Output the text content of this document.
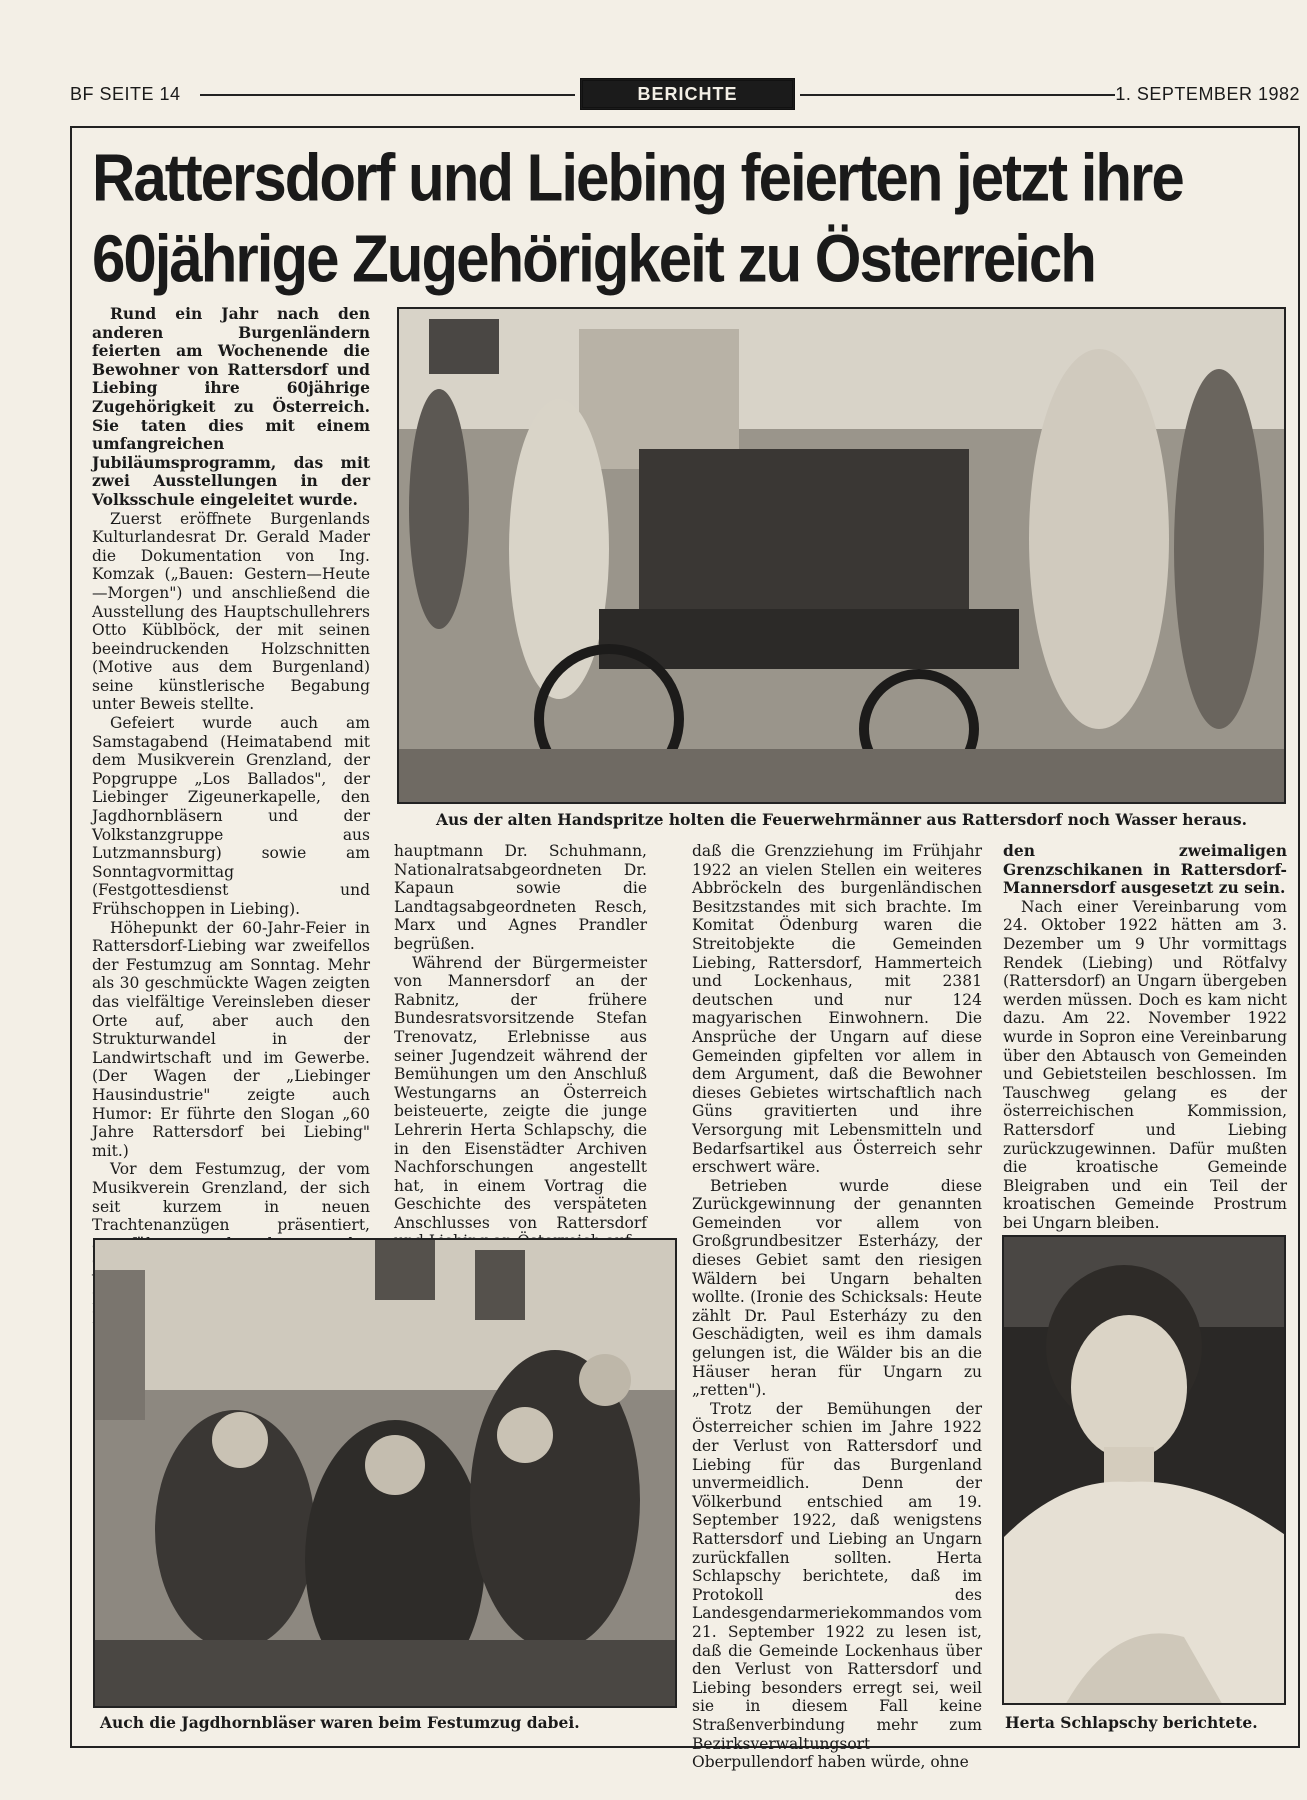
BF SEITE 14	BERICHTE	1. SEPTEMBER 1982
Rattersdorf und Liebing feierten jetzt ihre
60jährige Zugehörigkeit zu Österreich

Rund ein Jahr nach den anderen Burgenländern feierten am Wochenende die Bewohner von Rattersdorf und Liebing ihre 60jährige Zugehörigkeit zu Österreich. Sie taten dies mit einem umfangreichen Jubiläumsprogramm, das mit zwei Ausstellungen in der Volksschule eingeleitet wurde.

Zuerst eröffnete Burgenlands Kulturlandesrat Dr. Gerald Mader die Dokumentation von Ing. Komzak („Bauen: Gestern—Heute—Morgen") und anschließend die Ausstellung des Hauptschullehrers Otto Küblböck, der mit seinen beeindruckenden Holzschnitten (Motive aus dem Burgenland) seine künstlerische Begabung unter Beweis stellte.

Gefeiert wurde auch am Samstagabend (Heimatabend mit dem Musikverein Grenzland, der Popgruppe „Los Ballados", der Liebinger Zigeunerkapelle, den Jagdhornbläsern und der Volkstanzgruppe aus Lutzmannsburg) sowie am Sonntagvormittag (Festgottesdienst und Frühschoppen in Liebing).

Höhepunkt der 60-Jahr-Feier in Rattersdorf-Liebing war zweifellos der Festumzug am Sonntag. Mehr als 30 geschmückte Wagen zeigten das vielfältige Vereinsleben dieser Orte auf, aber auch den Strukturwandel in der Landwirtschaft und im Gewerbe. (Der Wagen der „Liebinger Hausindustrie" zeigte auch Humor: Er führte den Slogan „60 Jahre Rattersdorf bei Liebing" mit.)

Vor dem Festumzug, der vom Musikverein Grenzland, der sich seit kurzem in neuen Trachtenanzügen präsentiert,

Aus der alten Handspritze holten die Feuerwehrmänner aus Rattersdorf noch Wasser heraus.

hauptmann Dr. Schuhmann, Nationalratsabgeordneten Dr. Kapaun sowie die Landtagsabgeordneten Resch, Marx und Agnes Prandler begrüßen.

Während der Bürgermeister von Mannersdorf an der Rabnitz, der frühere Bundesratsvorsitzende Stefan Trenovatz, Erlebnisse aus seiner Jugendzeit während der Bemühungen um den Anschluß Westungarns an Österreich beisteuerte, zeigte die junge Lehrerin Herta Schlapschy, die in den Eisenstädter Archiven Nachforschungen angestellt hat, in einem Vortrag die Geschichte des verspäteten Anschlusses von Rattersdorf

daß die Grenzziehung im Frühjahr 1922 an vielen Stellen ein weiteres Abbröckeln des burgenländischen Besitzstandes mit sich brachte. Im Komitat Ödenburg waren die Streitobjekte die Gemeinden Liebing, Rattersdorf, Hammerteich und Lockenhaus, mit 2381 deutschen und nur 124 magyarischen Einwohnern. Die Ansprüche der Ungarn auf diese Gemeinden gipfelten vor allem in dem Argument, daß die Bewohner dieses Gebietes wirtschaftlich nach Güns gravitierten und ihre Versorgung mit Lebensmitteln und Bedarfsartikel aus Österreich sehr erschwert wäre.

Betrieben wurde diese Zurückgewinnung der genannten Gemeinden vor allem von Großgrundbesitzer Esterházy, der dieses Gebiet samt den riesigen Wäldern bei Ungarn behalten wollte. (Ironie des Schicksals: Heute zählt Dr. Paul Esterházy zu den Geschädigten, weil es ihm damals gelungen ist, die Wälder bis an die Häuser heran für Ungarn zu „retten").

Trotz der Bemühungen der Österreicher schien im Jahre 1922 der Verlust von Rattersdorf und Liebing für das Burgenland unvermeidlich. Denn der Völkerbund entschied am 19. September 1922, daß wenigstens Rattersdorf und Liebing an Ungarn zurückfallen sollten. Herta Schlapschy berichtete, daß im Protokoll des Landesgendarmeriekommandos vom 21. September 1922 zu lesen ist, daß die Gemeinde Lockenhaus über den Verlust von Rattersdorf und Liebing besonders erregt sei, weil sie in diesem Fall keine Straßenverbindung mehr zum Bezirksverwaltungsort Oberpullendorf haben würde, ohne

den zweimaligen Grenzschikanen in Rattersdorf-Mannersdorf ausgesetzt zu sein.

Nach einer Vereinbarung vom 24. Oktober 1922 hätten am 3. Dezember um 9 Uhr vormittags Rendek (Liebing) und Rötfalvy (Rattersdorf) an Ungarn übergeben werden müssen. Doch es kam nicht dazu. Am 22. November 1922 wurde in Sopron eine Vereinbarung über den Abtausch von Gemeinden und Gebietsteilen beschlossen. Im Tauschweg gelang es der österreichischen Kommission, Rattersdorf und Liebing zurückzugewinnen. Dafür mußten die kroatische Gemeinde Bleigraben und ein Teil der kroatischen Gemeinde Prostrum bei Ungarn bleiben.

Auch die Jagdhornbläser waren beim Festumzug dabei.	Herta Schlapschy berichtete.
